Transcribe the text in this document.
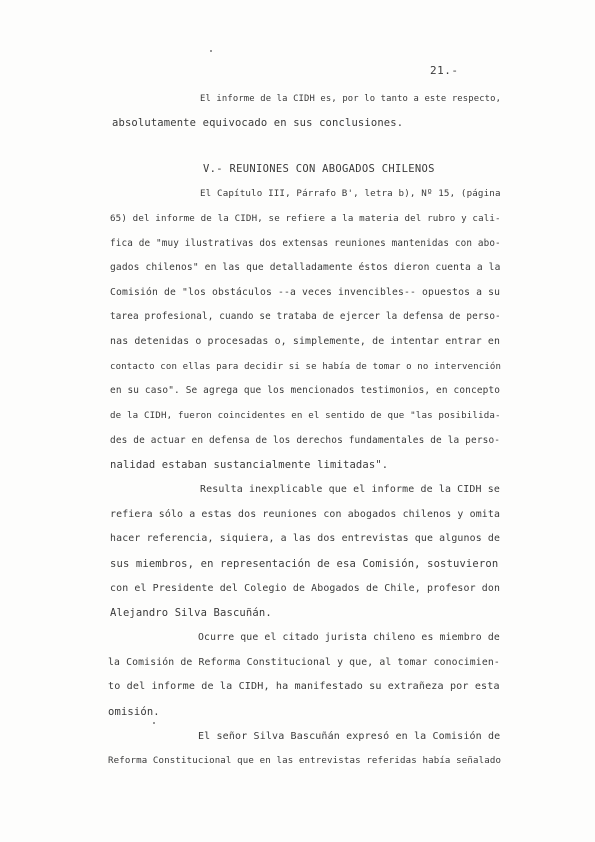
21.-
El informe de la CIDH es, por lo tanto a este respecto,
absolutamente equivocado en sus conclusiones.
V.- REUNIONES CON ABOGADOS CHILENOS
El Capítulo III, Párrafo B', letra b), Nº 15, (página
65) del informe de la CIDH, se refiere a la materia del rubro y cali-
fica de "muy ilustrativas dos extensas reuniones mantenidas con abo-
gados chilenos" en las que detalladamente éstos dieron cuenta a la
Comisión de "los obstáculos --a veces invencibles-- opuestos a su
tarea profesional, cuando se trataba de ejercer la defensa de perso-
nas detenidas o procesadas o, simplemente, de intentar entrar en
contacto con ellas para decidir si se había de tomar o no intervención
en su caso". Se agrega que los mencionados testimonios, en concepto
de la CIDH, fueron coincidentes en el sentido de que "las posibilida-
des de actuar en defensa de los derechos fundamentales de la perso-
nalidad estaban sustancialmente limitadas".
Resulta inexplicable que el informe de la CIDH se
refiera sólo a estas dos reuniones con abogados chilenos y omita
hacer referencia, siquiera, a las dos entrevistas que algunos de
sus miembros, en representación de esa Comisión, sostuvieron
con el Presidente del Colegio de Abogados de Chile, profesor don
Alejandro Silva Bascuñán.
Ocurre que el citado jurista chileno es miembro de
la Comisión de Reforma Constitucional y que, al tomar conocimien-
to del informe de la CIDH, ha manifestado su extrañeza por esta
omisión.
El señor Silva Bascuñán expresó en la Comisión de
Reforma Constitucional que en las entrevistas referidas había señalado
